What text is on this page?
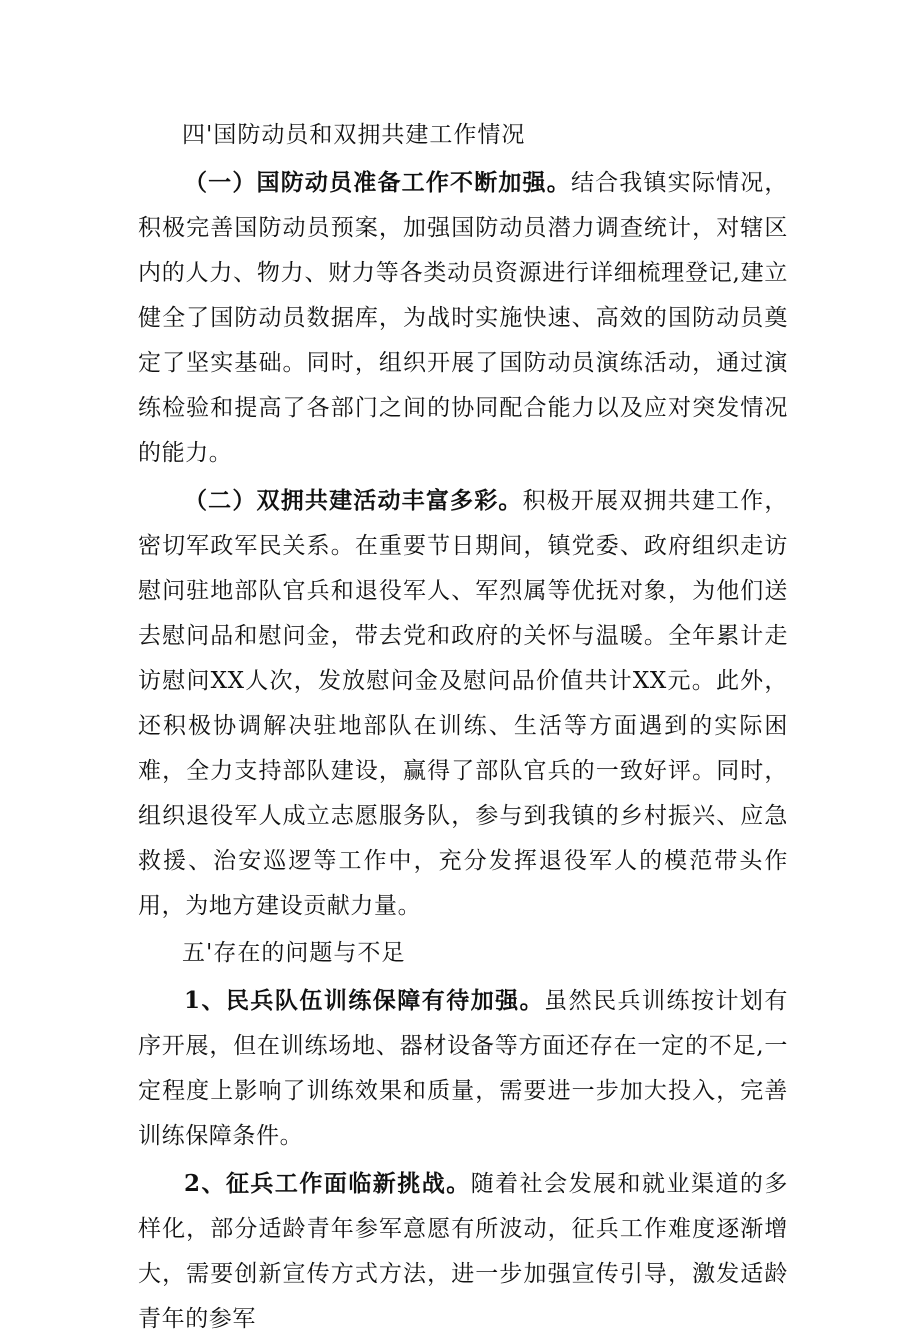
四'国防动员和双拥共建工作情况

（一）国防动员准备工作不断加强。结合我镇实际情况，积极完善国防动员预案，加强国防动员潜力调查统计，对辖区内的人力、物力、财力等各类动员资源进行详细梳理登记,建立健全了国防动员数据库，为战时实施快速、高效的国防动员奠定了坚实基础。同时，组织开展了国防动员演练活动，通过演练检验和提高了各部门之间的协同配合能力以及应对突发情况的能力。

（二）双拥共建活动丰富多彩。积极开展双拥共建工作，密切军政军民关系。在重要节日期间，镇党委、政府组织走访慰问驻地部队官兵和退役军人、军烈属等优抚对象，为他们送去慰问品和慰问金，带去党和政府的关怀与温暖。全年累计走访慰问XX人次，发放慰问金及慰问品价值共计XX元。此外，还积极协调解决驻地部队在训练、生活等方面遇到的实际困难，全力支持部队建设，赢得了部队官兵的一致好评。同时，组织退役军人成立志愿服务队，参与到我镇的乡村振兴、应急救援、治安巡逻等工作中，充分发挥退役军人的模范带头作用，为地方建设贡献力量。

五'存在的问题与不足

1、民兵队伍训练保障有待加强。虽然民兵训练按计划有序开展，但在训练场地、器材设备等方面还存在一定的不足,一定程度上影响了训练效果和质量，需要进一步加大投入，完善训练保障条件。

2、征兵工作面临新挑战。随着社会发展和就业渠道的多样化，部分适龄青年参军意愿有所波动，征兵工作难度逐渐增大，需要创新宣传方式方法，进一步加强宣传引导，激发适龄青年的参军
